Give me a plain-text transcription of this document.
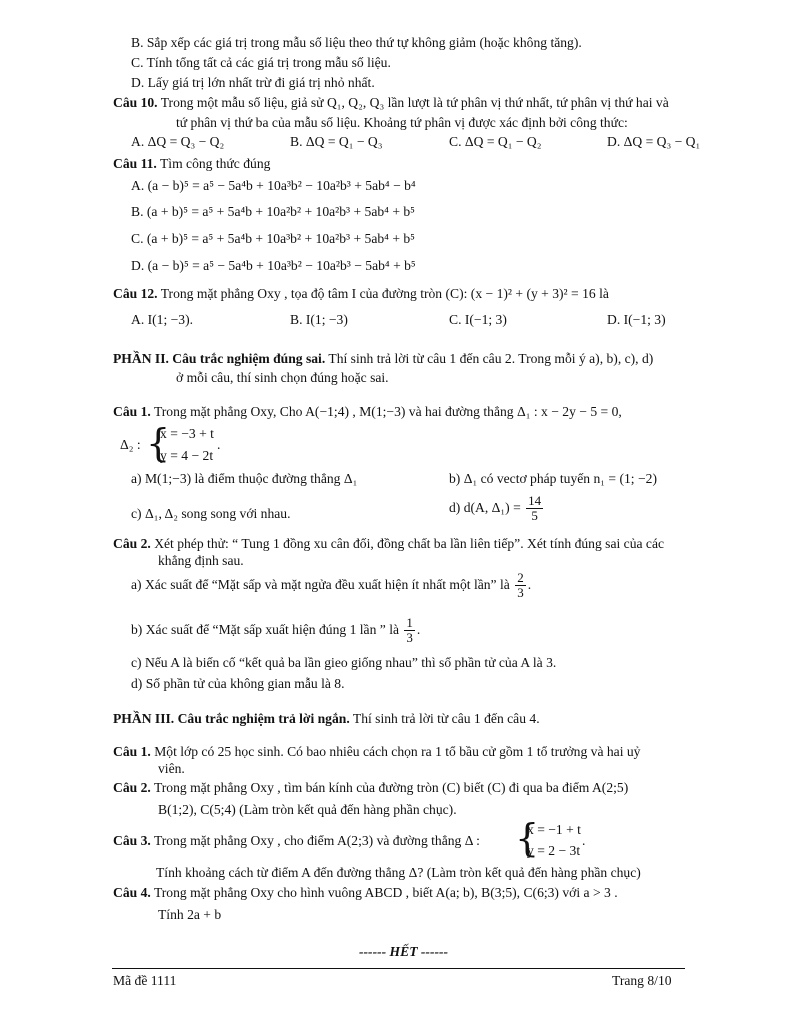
B. Sắp xếp các giá trị trong mẫu số liệu theo thứ tự không giảm (hoặc không tăng).
C. Tính tổng tất cả các giá trị trong mẫu số liệu.
D. Lấy giá trị lớn nhất trừ đi giá trị nhỏ nhất.
Câu 10. Trong một mẫu số liệu, giả sử Q₁, Q₂, Q₃ lần lượt là tứ phân vị thứ nhất, tứ phân vị thứ hai và
tứ phân vị thứ ba của mẫu số liệu. Khoảng tứ phân vị được xác định bởi công thức:
A. ΔQ = Q₃ − Q₂	B. ΔQ = Q₁ − Q₃	C. ΔQ = Q₁ − Q₂	D. ΔQ = Q₃ − Q₁
Câu 11. Tìm công thức đúng
A. (a − b)⁵ = a⁵ − 5a⁴b + 10a³b² − 10a²b³ + 5ab⁴ − b⁴
B. (a + b)⁵ = a⁵ + 5a⁴b + 10a²b² + 10a²b³ + 5ab⁴ + b⁵
C. (a + b)⁵ = a⁵ + 5a⁴b + 10a³b² + 10a²b³ + 5ab⁴ + b⁵
D. (a − b)⁵ = a⁵ − 5a⁴b + 10a³b² − 10a²b³ − 5ab⁴ + b⁵
Câu 12. Trong mặt phẳng Oxy , tọa độ tâm I của đường tròn (C): (x − 1)² + (y + 3)² = 16 là
A. I(1; −3).	B. I(1; −3)	C. I(−1; 3)	D. I(−1; 3)
PHẦN II. Câu trắc nghiệm đúng sai. Thí sinh trả lời từ câu 1 đến câu 2. Trong mỗi ý a), b), c), d)
ở mỗi câu, thí sinh chọn đúng hoặc sai.
Câu 1. Trong mặt phẳng Oxy, Cho A(−1;4) , M(1;−3) và hai đường thẳng Δ₁ : x − 2y − 5 = 0,
Δ₂ : {
x = −3 + t
y = 4 − 2t
.
a) M(1;−3) là điểm thuộc đường thẳng Δ₁	b) Δ₁ có vectơ pháp tuyến n₁ = (1; −2)
c) Δ₁, Δ₂ song song với nhau.	d) d(A, $\Delta_1) = \frac{14}{5}$
Câu 2. Xét phép thử: “ Tung 1 đồng xu cân đối, đồng chất ba lần liên tiếp”. Xét tính đúng sai của các
khẳng định sau.
a) Xác suất để “Mặt sấp và mặt ngửa đều xuất hiện ít nhất một lần” là $\frac{2}{3}$ .
b) Xác suất để “Mặt sấp xuất hiện đúng 1 lần ” là $\frac{1}{3}$ .
c) Nếu A là biến cố “kết quả ba lần gieo giống nhau” thì số phần tử của A là 3.
d) Số phần tử của không gian mẫu là 8.
PHẦN III. Câu trắc nghiệm trả lời ngắn. Thí sinh trả lời từ câu 1 đến câu 4.
Câu 1. Một lớp có 25 học sinh. Có bao nhiêu cách chọn ra 1 tổ bầu cử gồm 1 tổ trưởng và hai uỷ
viên.
Câu 2. Trong mặt phẳng Oxy , tìm bán kính của đường tròn (C) biết (C) đi qua ba điểm A(2;5)
B(1;2), C(5;4) (Làm tròn kết quả đến hàng phần chục).
Câu 3. Trong mặt phẳng Oxy , cho điểm A(2;3) và đường thẳng Δ : {
x = −1 + t
y = 2 − 3t
.
Tính khoảng cách từ điểm A đến đường thẳng Δ? (Làm tròn kết quả đến hàng phần chục)
Câu 4. Trong mặt phẳng Oxy cho hình vuông ABCD , biết A(a; b), B(3;5), C(6;3) với a > 3 .
Tính 2a + b
------ HẾT ------
Mã đề 1111	Trang 8/10
